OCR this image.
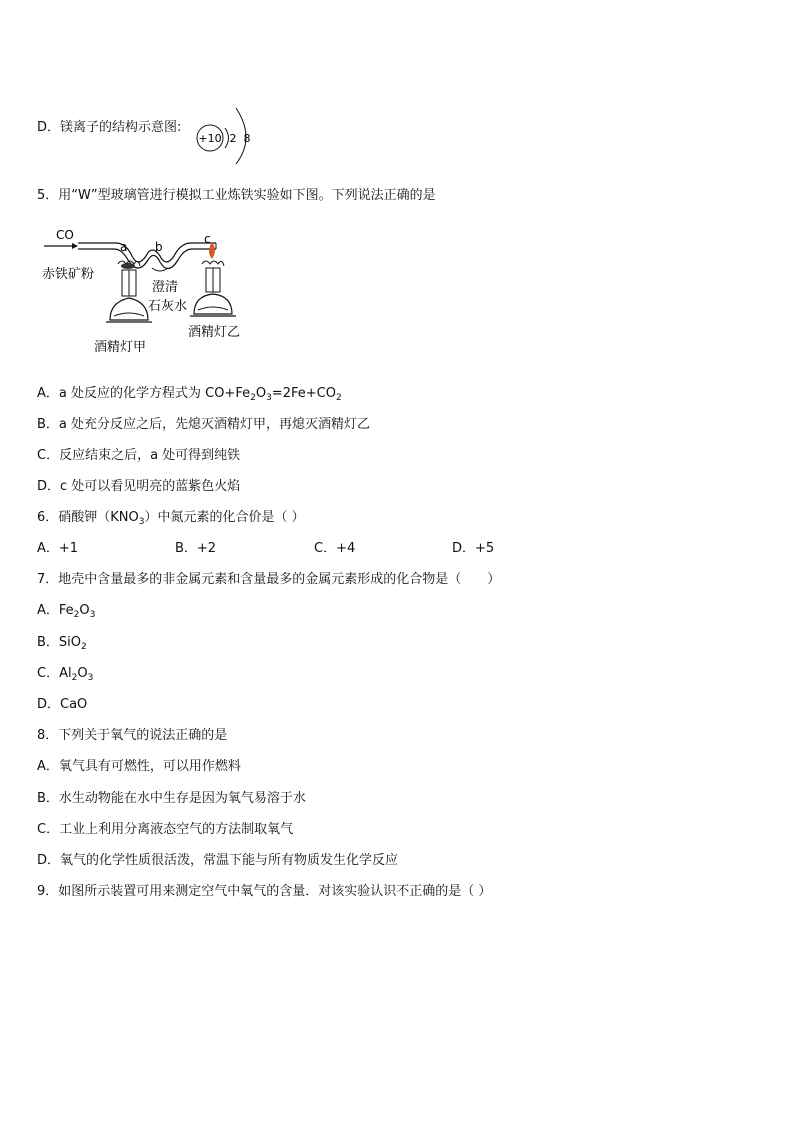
D．镁离子的结构示意图:
+10 2 8
5．用“W”型玻璃管进行模拟工业炼铁实验如下图。下列说法正确的是
CO
a b
c
赤铁矿粉
澄清
石灰水
酒精灯乙
酒精灯甲
A．a 处反应的化学方程式为 $CO+Fe_2O_3=2Fe+CO_2$
B．a 处充分反应之后，先熄灭酒精灯甲，再熄灭酒精灯乙
C．反应结束之后，a 处可得到纯铁
D．c 处可以看见明亮的蓝紫色火焰
6．硝酸钾$(KNO_3)$中氮元素的化合价是（ ）
A．+1	B．+2	C．+4	D．+5
7．地壳中含量最多的非金属元素和含量最多的金属元素形成的化合物是（　　）
A．$Fe_2O_3$
B．SiO$_2$
C．$Al_2O_3$
D．CaO
8．下列关于氧气的说法正确的是
A．氧气具有可燃性，可以用作燃料
B．水生动物能在水中生存是因为氧气易溶于水
C．工业上利用分离液态空气的方法制取氧气
D．氧气的化学性质很活泼，常温下能与所有物质发生化学反应
9．如图所示装置可用来测定空气中氧气的含量．对该实验认识不正确的是（ ）
